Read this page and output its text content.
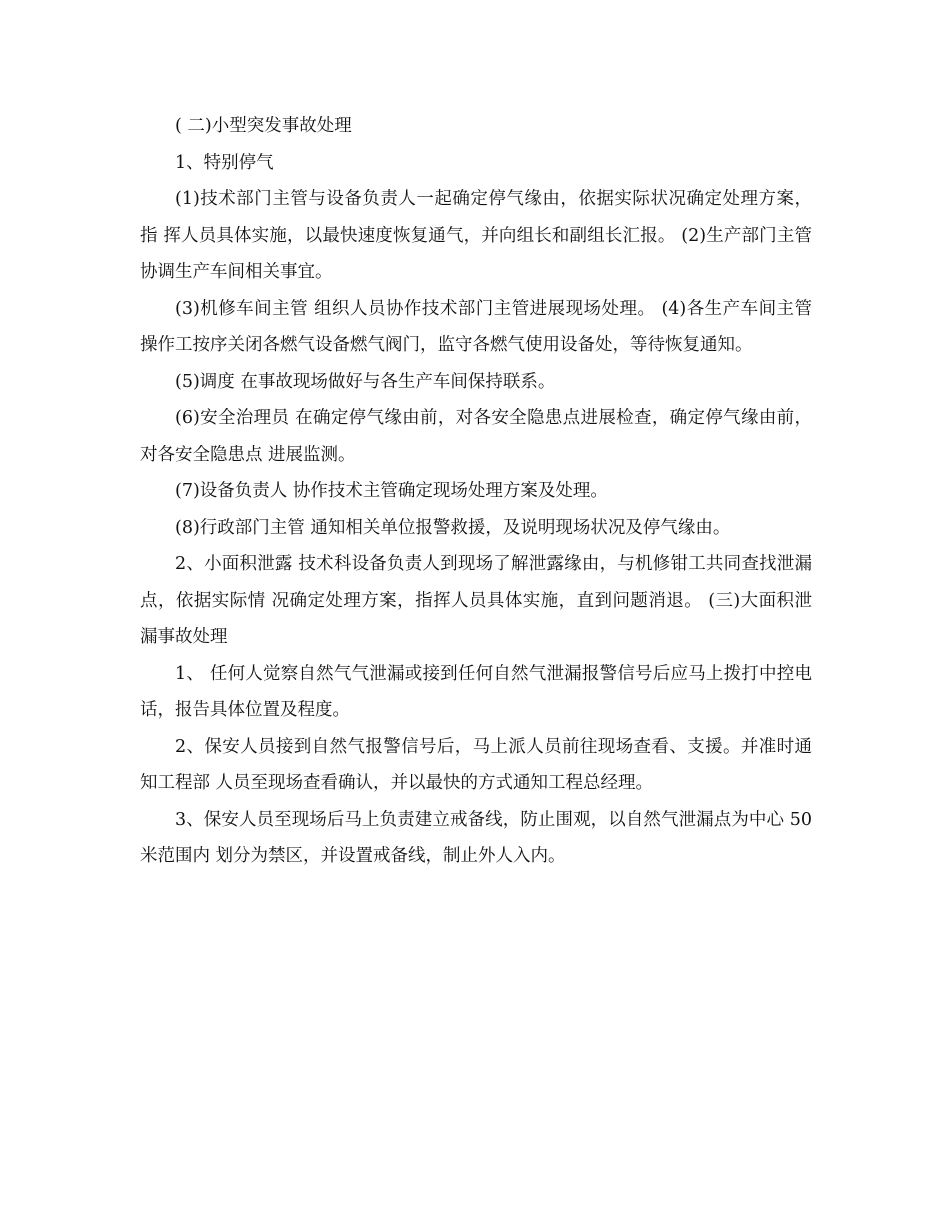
( 二)小型突发事故处理

1、特别停气

(1)技术部门主管与设备负责人一起确定停气缘由，依据实际状况确定处理方案，指 挥人员具体实施，以最快速度恢复通气，并向组长和副组长汇报。 (2)生产部门主管协调生产车间相关事宜。

(3)机修车间主管 组织人员协作技术部门主管进展现场处理。 (4)各生产车间主管 操作工按序关闭各燃气设备燃气阀门，监守各燃气使用设备处，等待恢复通知。

(5)调度 在事故现场做好与各生产车间保持联系。

(6)安全治理员 在确定停气缘由前，对各安全隐患点进展检查，确定停气缘由前，对各安全隐患点 进展监测。

(7)设备负责人 协作技术主管确定现场处理方案及处理。

(8)行政部门主管 通知相关单位报警救援，及说明现场状况及停气缘由。

2、小面积泄露 技术科设备负责人到现场了解泄露缘由，与机修钳工共同查找泄漏点，依据实际情 况确定处理方案，指挥人员具体实施，直到问题消退。 (三)大面积泄漏事故处理

1、 任何人觉察自然气气泄漏或接到任何自然气泄漏报警信号后应马上拨打中控电 话，报告具体位置及程度。

2、保安人员接到自然气报警信号后，马上派人员前往现场查看、支援。并准时通知工程部 人员至现场查看确认，并以最快的方式通知工程总经理。

3、保安人员至现场后马上负责建立戒备线，防止围观，以自然气泄漏点为中心 50 米范围内 划分为禁区，并设置戒备线，制止外人入内。
